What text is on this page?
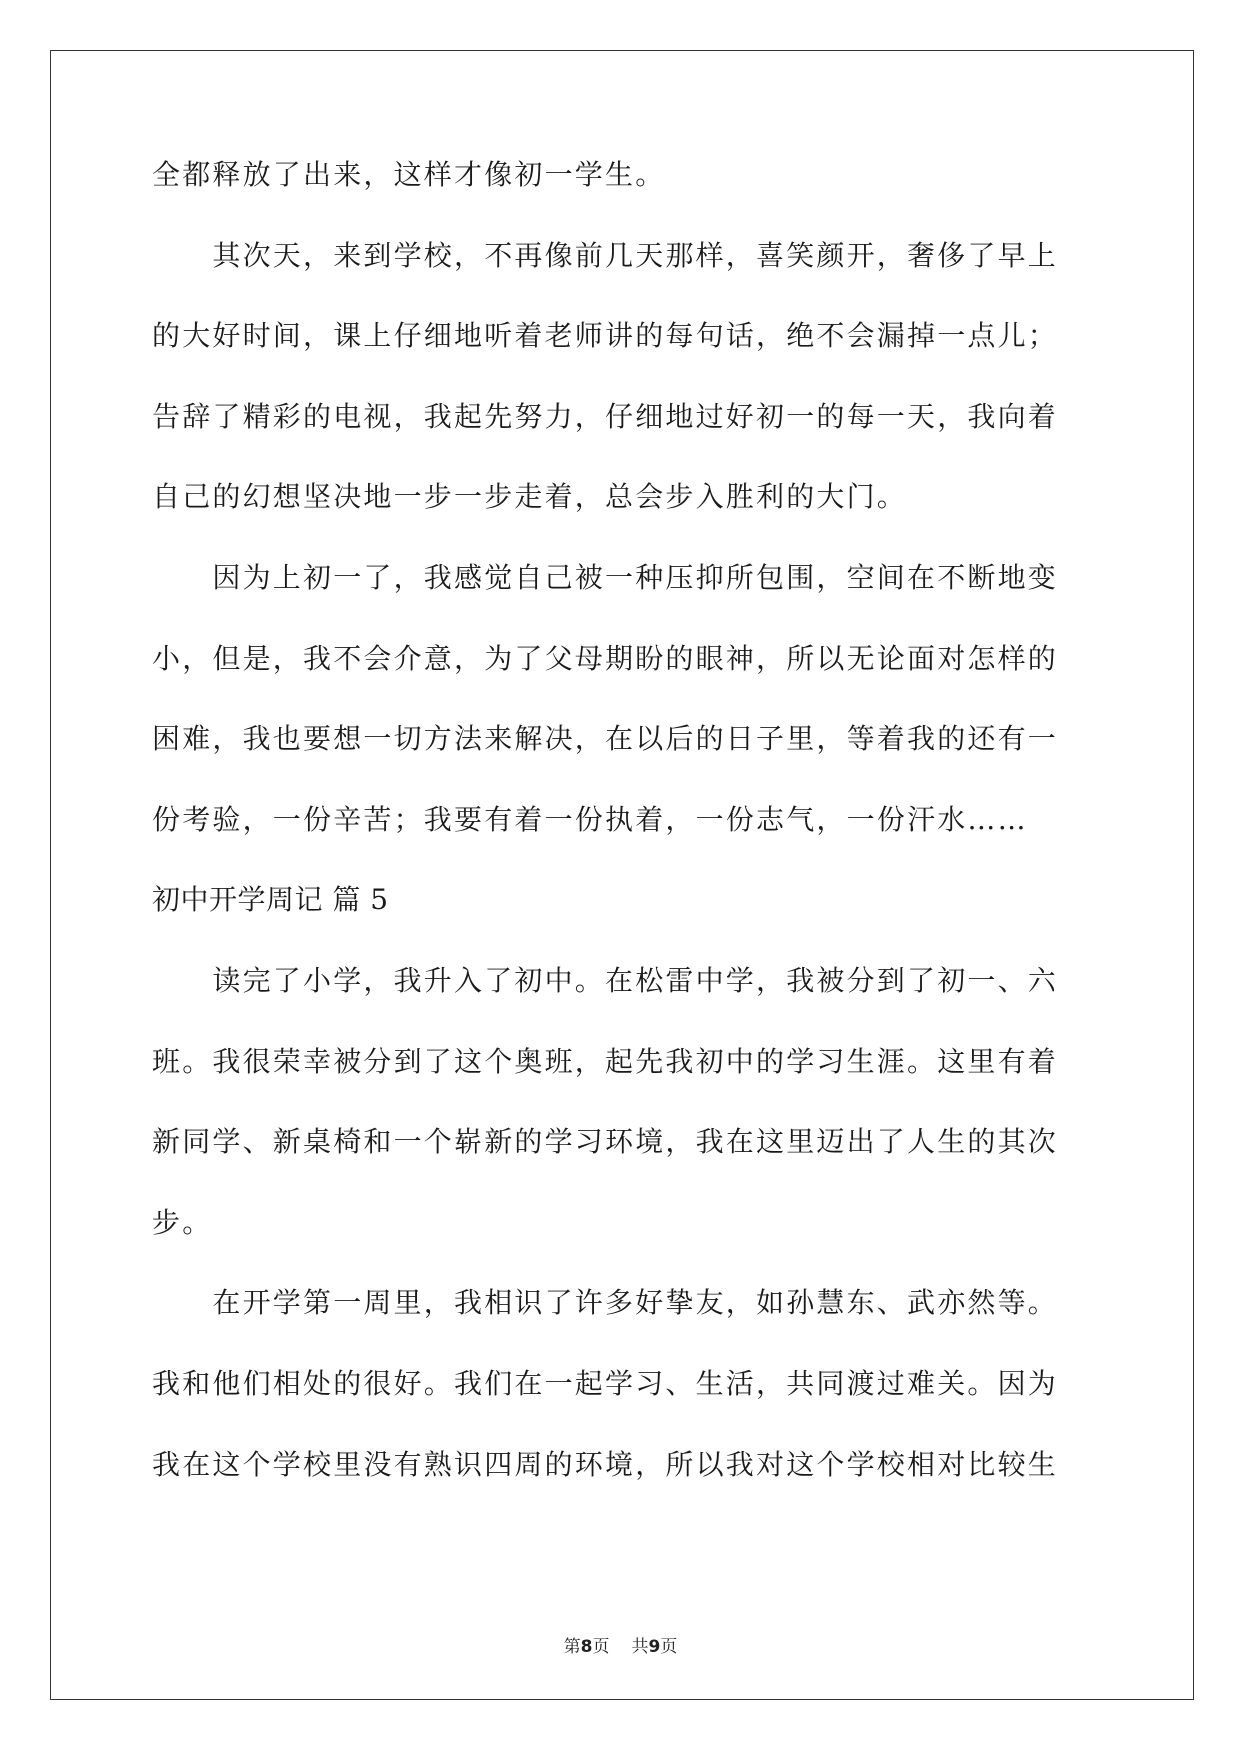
全都释放了出来，这样才像初一学生。
　　其次天，来到学校，不再像前几天那样，喜笑颜开，奢侈了早上
的大好时间，课上仔细地听着老师讲的每句话，绝不会漏掉一点儿；
告辞了精彩的电视，我起先努力，仔细地过好初一的每一天，我向着
自己的幻想坚决地一步一步走着，总会步入胜利的大门。
　　因为上初一了，我感觉自己被一种压抑所包围，空间在不断地变
小，但是，我不会介意，为了父母期盼的眼神，所以无论面对怎样的
困难，我也要想一切方法来解决，在以后的日子里，等着我的还有一
份考验，一份辛苦；我要有着一份执着，一份志气，一份汗水……
初中开学周记 篇 5
　　读完了小学，我升入了初中。在松雷中学，我被分到了初一、六
班。我很荣幸被分到了这个奥班，起先我初中的学习生涯。这里有着
新同学、新桌椅和一个崭新的学习环境，我在这里迈出了人生的其次
步。
　　在开学第一周里，我相识了许多好挚友，如孙慧东、武亦然等。
我和他们相处的很好。我们在一起学习、生活，共同渡过难关。因为
我在这个学校里没有熟识四周的环境，所以我对这个学校相对比较生
第8页 共9页
